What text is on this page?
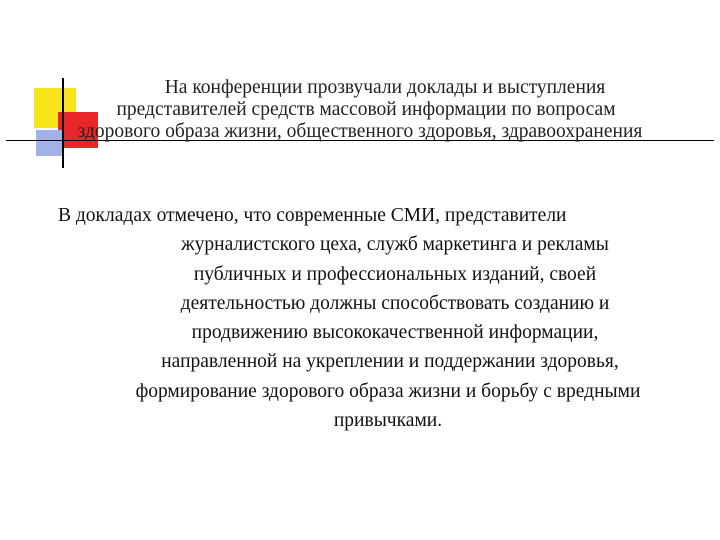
На конференции прозвучали доклады и выступления
представителей средств массовой информации по вопросам
здорового образа жизни, общественного здоровья, здравоохранения

В докладах отмечено, что современные СМИ, представители
журналистского цеха, служб маркетинга и рекламы
публичных и профессиональных изданий, своей
деятельностью должны способствовать созданию и
продвижению высококачественной информации,
направленной на укреплении и поддержании здоровья,
формирование здорового образа жизни и борьбу с вредными
привычками.
